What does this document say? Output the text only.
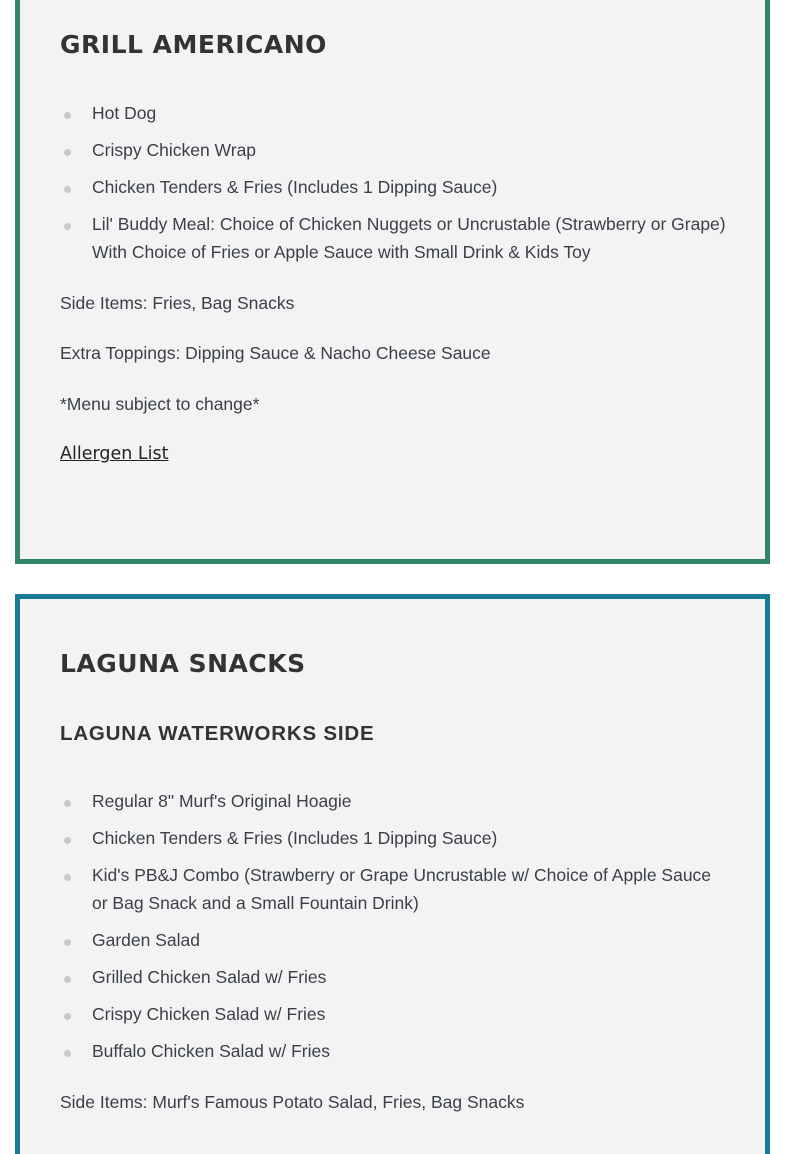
GRILL AMERICANO
Hot Dog
Crispy Chicken Wrap
Chicken Tenders & Fries (Includes 1 Dipping Sauce)
Lil' Buddy Meal: Choice of Chicken Nuggets or Uncrustable (Strawberry or Grape) With Choice of Fries or Apple Sauce with Small Drink & Kids Toy

Side Items: Fries, Bag Snacks

Extra Toppings: Dipping Sauce & Nacho Cheese Sauce

*Menu subject to change*

Allergen List
LAGUNA SNACKS
LAGUNA WATERWORKS SIDE
Regular 8" Murf's Original Hoagie
Chicken Tenders & Fries (Includes 1 Dipping Sauce)
Kid's PB&J Combo (Strawberry or Grape Uncrustable w/ Choice of Apple Sauce or Bag Snack and a Small Fountain Drink)
Garden Salad
Grilled Chicken Salad w/ Fries
Crispy Chicken Salad w/ Fries
Buffalo Chicken Salad w/ Fries

Side Items: Murf's Famous Potato Salad, Fries, Bag Snacks
